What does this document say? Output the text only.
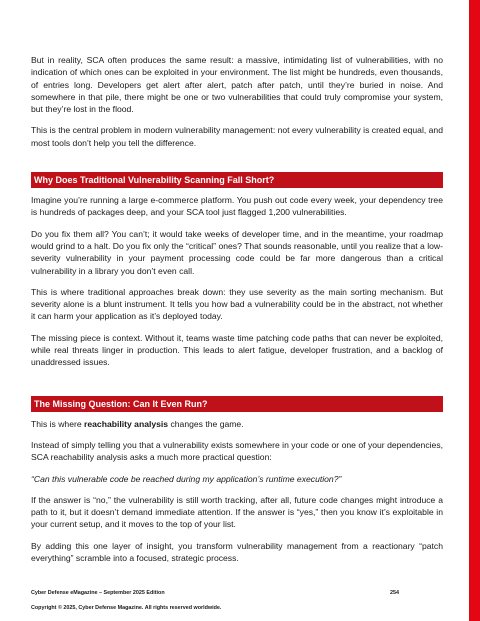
But in reality, SCA often produces the same result: a massive, intimidating list of vulnerabilities, with no indication of which ones can be exploited in your environment. The list might be hundreds, even thousands, of entries long. Developers get alert after alert, patch after patch, until they’re buried in noise. And somewhere in that pile, there might be one or two vulnerabilities that could truly compromise your system, but they’re lost in the flood.

This is the central problem in modern vulnerability management: not every vulnerability is created equal, and most tools don’t help you tell the difference.

Why Does Traditional Vulnerability Scanning Fall Short?

Imagine you’re running a large e-commerce platform. You push out code every week, your dependency tree is hundreds of packages deep, and your SCA tool just flagged 1,200 vulnerabilities.

Do you fix them all? You can’t; it would take weeks of developer time, and in the meantime, your roadmap would grind to a halt. Do you fix only the “critical” ones? That sounds reasonable, until you realize that a low-severity vulnerability in your payment processing code could be far more dangerous than a critical vulnerability in a library you don’t even call.

This is where traditional approaches break down: they use severity as the main sorting mechanism. But severity alone is a blunt instrument. It tells you how bad a vulnerability could be in the abstract, not whether it can harm your application as it’s deployed today.

The missing piece is context. Without it, teams waste time patching code paths that can never be exploited, while real threats linger in production. This leads to alert fatigue, developer frustration, and a backlog of unaddressed issues.

The Missing Question: Can It Even Run?

This is where reachability analysis changes the game.

Instead of simply telling you that a vulnerability exists somewhere in your code or one of your dependencies, SCA reachability analysis asks a much more practical question:

“Can this vulnerable code be reached during my application’s runtime execution?”

If the answer is “no,” the vulnerability is still worth tracking, after all, future code changes might introduce a path to it, but it doesn’t demand immediate attention. If the answer is “yes,” then you know it’s exploitable in your current setup, and it moves to the top of your list.

By adding this one layer of insight, you transform vulnerability management from a reactionary “patch everything” scramble into a focused, strategic process.

Cyber Defense eMagazine – September 2025 Edition	254
Copyright © 2025, Cyber Defense Magazine. All rights reserved worldwide.
